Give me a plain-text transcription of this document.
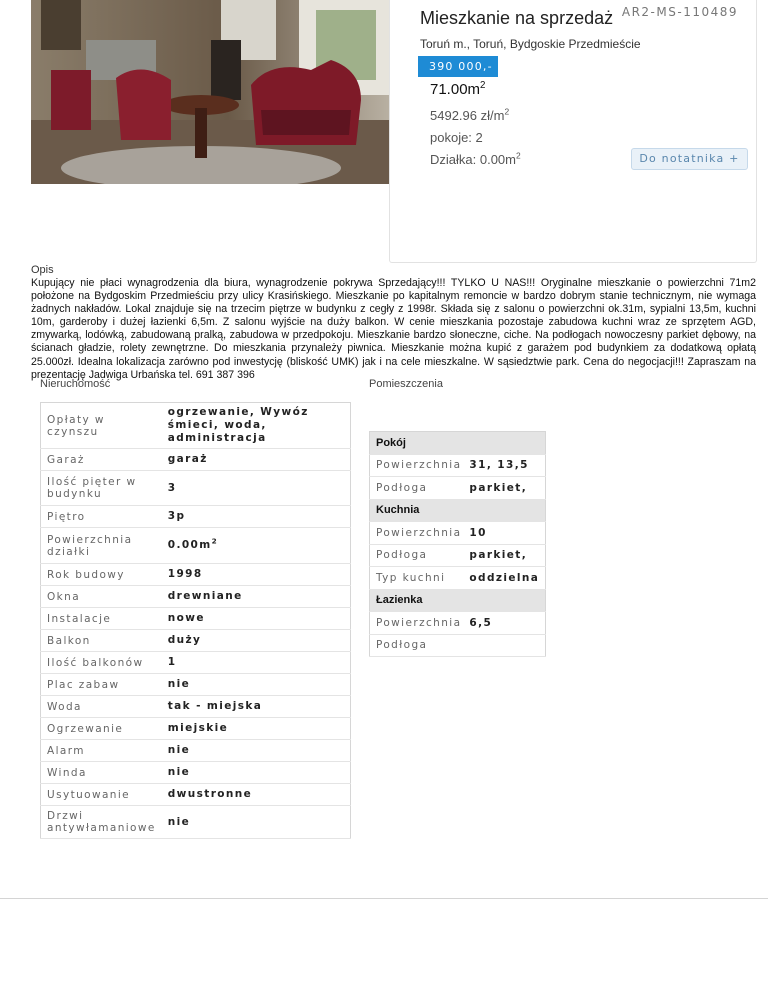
Mieszkanie na sprzedaż AR2-MS-110489
Toruń m., Toruń, Bydgoskie Przedmieście
390 000,-
$71.00m^2$
5492.96 $zł/m^2$
pokoje: 2
Działka: $0.00m^2$	Do notatnika +
Opis
Kupujący nie płaci wynagrodzenia dla biura, wynagrodzenie pokrywa Sprzedający!!! TYLKO U NAS!!! Oryginalne mieszkanie o powierzchni 71m2 położone na Bydgoskim Przedmieściu przy ulicy Krasińskiego. Mieszkanie po kapitalnym remoncie w bardzo dobrym stanie technicznym, nie wymaga żadnych nakładów. Lokal znajduje się na trzecim piętrze w budynku z cegły z 1998r. Składa się z salonu o powierzchni ok.31m, sypialni 13,5m, kuchni 10m, garderoby i dużej łazienki 6,5m. Z salonu wyjście na duży balkon. W cenie mieszkania pozostaje zabudowa kuchni wraz ze sprzętem AGD, zmywarką, lodówką, zabudowaną pralką, zabudowa w przedpokoju. Mieszkanie bardzo słoneczne, ciche. Na podłogach nowoczesny parkiet dębowy, na ścianach gładzie, rolety zewnętrzne. Do mieszkania przynależy piwnica. Mieszkanie można kupić z garażem pod budynkiem za dodatkową opłatą 25.000zł. Idealna lokalizacja zarówno pod inwestycję (bliskość UMK) jak i na cele mieszkalne. W sąsiedztwie park. Cena do negocjacji!!! Zapraszam na prezentację Jadwiga Urbańska tel. 691 387 396
Nieruchomość	Pomieszczenia
Opłaty w czynszu	ogrzewanie, Wywóz śmieci, woda, administracja
Garaż	garaż
Ilość pięter w budynku	3
Piętro	3p
Powierzchnia działki	$0.00m^2$
Rok budowy	1998
Okna	drewniane
Instalacje	nowe
Balkon	duży
Ilość balkonów	1
Plac zabaw	nie
Woda	tak - miejska
Ogrzewanie	miejskie
Alarm	nie
Winda	nie
Usytuowanie	dwustronne
Drzwi antywłamaniowe	nie
Pokój	
Powierzchnia	31, 13,5
Podłoga	parkiet,
Kuchnia	
Powierzchnia	10
Podłoga	parkiet,
Typ kuchni	oddzielna
Łazienka	
Powierzchnia	6,5
Podłoga	
